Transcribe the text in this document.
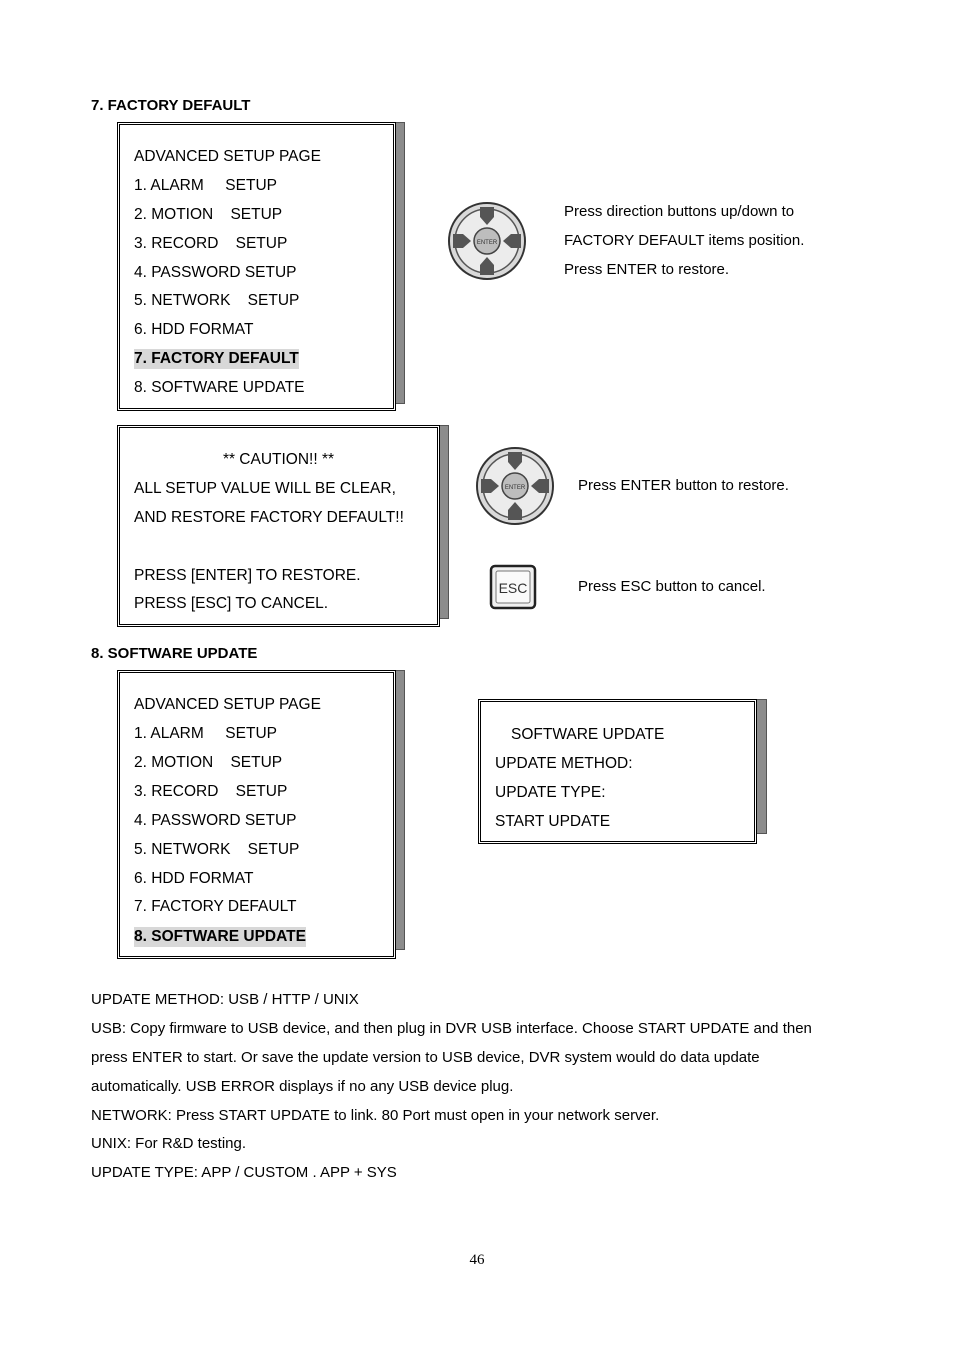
7. FACTORY DEFAULT
ADVANCED SETUP PAGE
1. ALARM     SETUP
2. MOTION    SETUP
3. RECORD    SETUP
4. PASSWORD SETUP
5. NETWORK    SETUP
6. HDD FORMAT
7. FACTORY DEFAULT
8. SOFTWARE UPDATE
ENTER
Press direction buttons up/down to
FACTORY DEFAULT items position.
Press ENTER to restore.
** CAUTION!! **
ALL SETUP VALUE WILL BE CLEAR,
AND RESTORE FACTORY DEFAULT!!
PRESS [ENTER] TO RESTORE.
PRESS [ESC] TO CANCEL.
ENTER	Press ENTER button to restore.
ESC	Press ESC button to cancel.
8. SOFTWARE UPDATE
ADVANCED SETUP PAGE
1. ALARM     SETUP
2. MOTION    SETUP
3. RECORD    SETUP
4. PASSWORD SETUP
5. NETWORK    SETUP
6. HDD FORMAT
7. FACTORY DEFAULT
8. SOFTWARE UPDATE
SOFTWARE UPDATE
UPDATE METHOD:
UPDATE TYPE:
START UPDATE
UPDATE METHOD: USB / HTTP / UNIX
USB: Copy firmware to USB device, and then plug in DVR USB interface. Choose START UPDATE and then
press ENTER to start. Or save the update version to USB device, DVR system would do data update
automatically. USB ERROR displays if no any USB device plug.
NETWORK: Press START UPDATE to link. 80 Port must open in your network server.
UNIX: For R&D testing.
UPDATE TYPE: APP / CUSTOM . APP + SYS
46
